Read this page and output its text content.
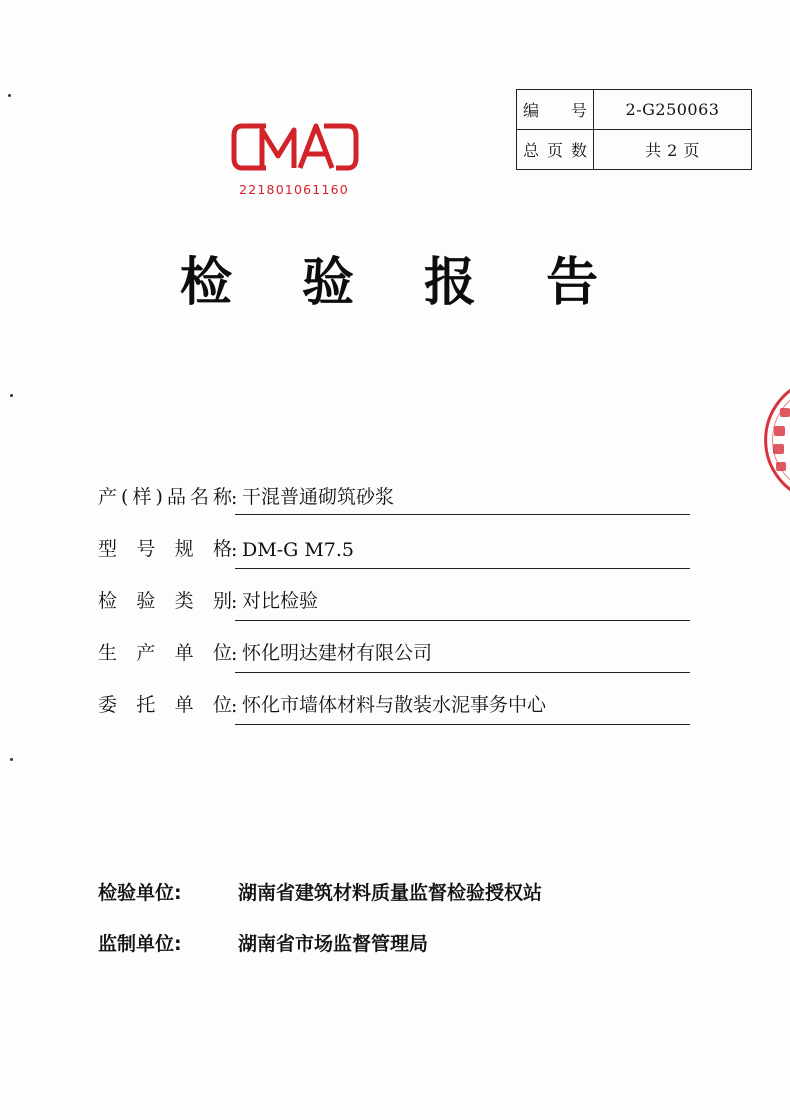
221801061160
编 号	2-G250063
总页数	共 2 页
检 验 报 告
产(样)品名称 : 干混普通砌筑砂浆
型号规格 : DM-G M7.5
检验类别 : 对比检验
生产单位 : 怀化明达建材有限公司
委托单位 : 怀化市墙体材料与散装水泥事务中心
检验单位:	湖南省建筑材料质量监督检验授权站
监制单位:	湖南省市场监督管理局
